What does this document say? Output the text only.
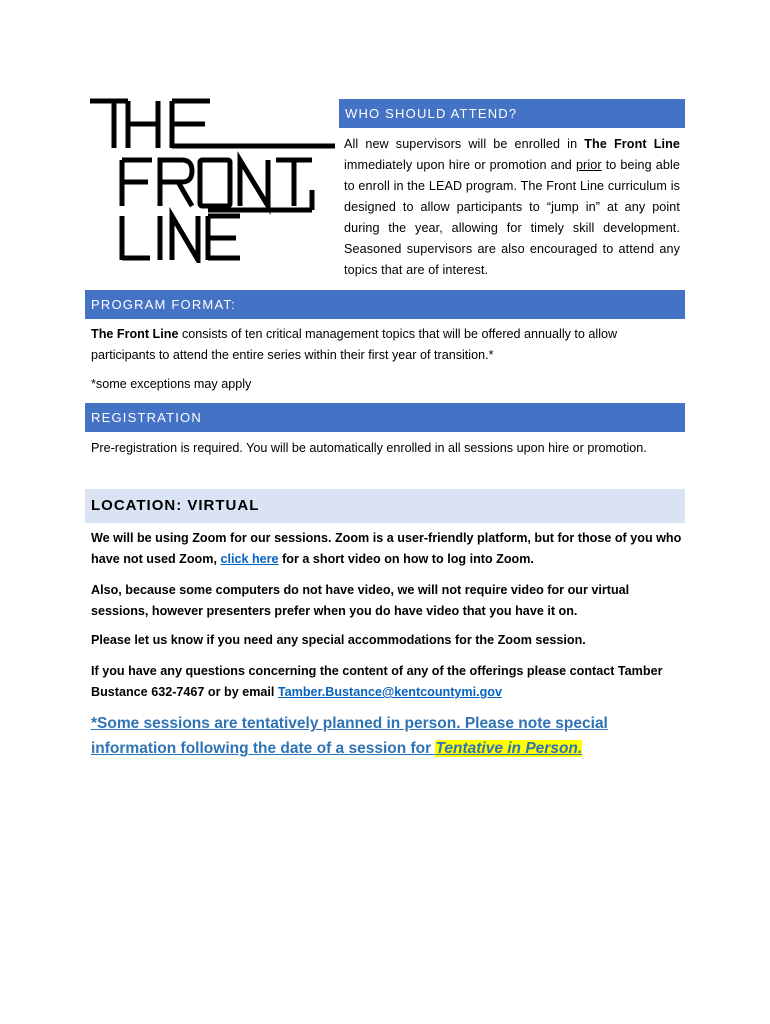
WHO SHOULD ATTEND?
All new supervisors will be enrolled in The Front Line immediately upon hire or promotion and prior to being able to enroll in the LEAD program. The Front Line curriculum is designed to allow participants to “jump in” at any point during the year, allowing for timely skill development. Seasoned supervisors are also encouraged to attend any topics that are of interest.
PROGRAM FORMAT:
The Front Line consists of ten critical management topics that will be offered annually to allow participants to attend the entire series within their first year of transition.*
*some exceptions may apply
REGISTRATION
Pre-registration is required. You will be automatically enrolled in all sessions upon hire or promotion.
LOCATION: VIRTUAL
We will be using Zoom for our sessions. Zoom is a user-friendly platform, but for those of you who have not used Zoom, click here for a short video on how to log into Zoom.
Also, because some computers do not have video, we will not require video for our virtual sessions, however presenters prefer when you do have video that you have it on.
Please let us know if you need any special accommodations for the Zoom session.
If you have any questions concerning the content of any of the offerings please contact Tamber Bustance 632-7467 or by email Tamber.Bustance@kentcountymi.gov
*Some sessions are tentatively planned in person. Please note special information following the date of a session for Tentative in Person.
